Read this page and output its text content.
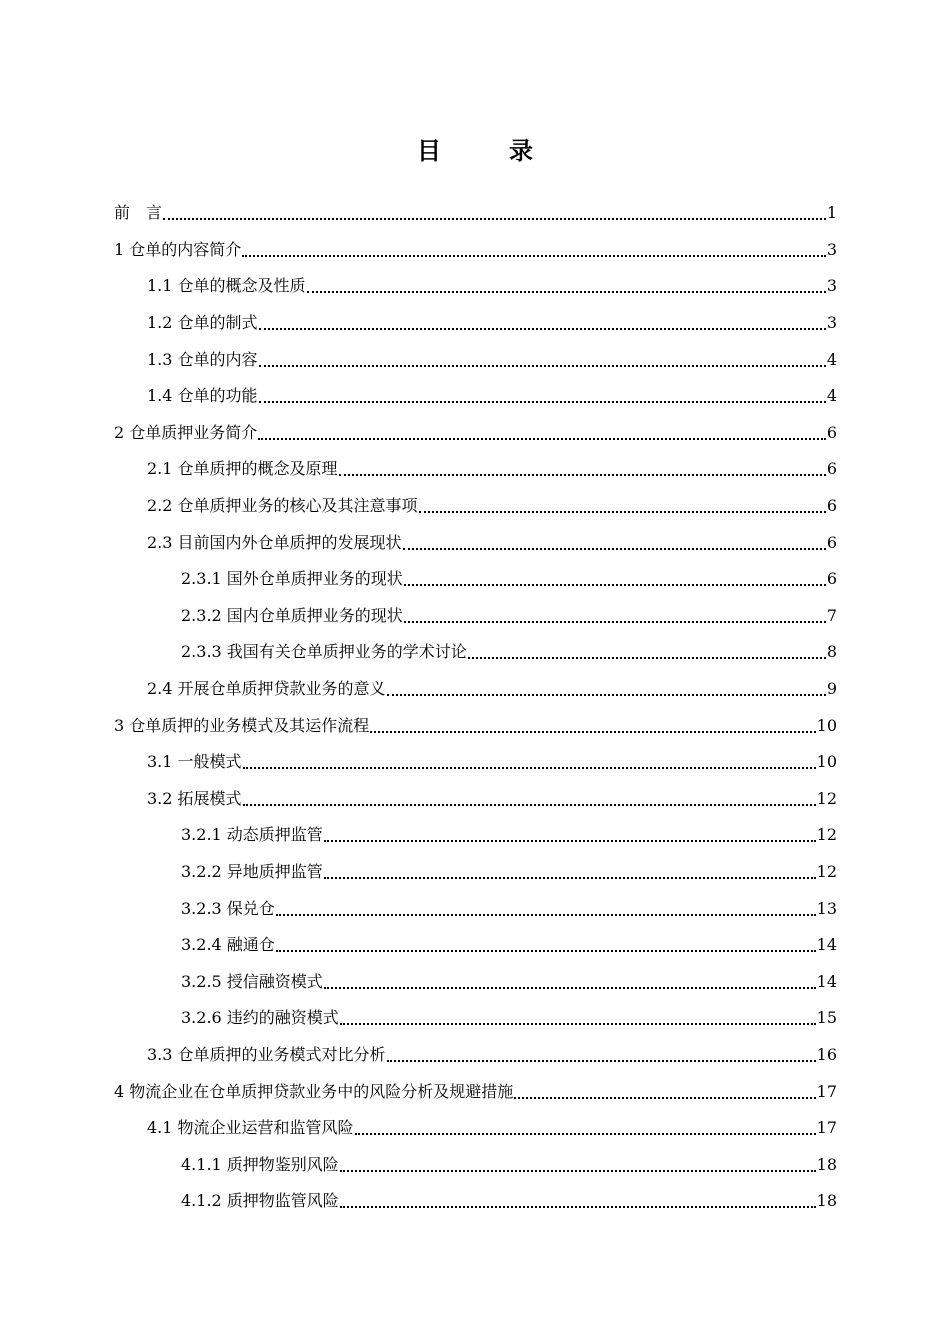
目　录
前　言	1
1 仓单的内容简介	3
1.1 仓单的概念及性质	3
1.2 仓单的制式	3
1.3 仓单的内容	4
1.4 仓单的功能	4
2 仓单质押业务简介	6
2.1 仓单质押的概念及原理	6
2.2 仓单质押业务的核心及其注意事项	6
2.3 目前国内外仓单质押的发展现状	6
2.3.1 国外仓单质押业务的现状	6
2.3.2 国内仓单质押业务的现状	7
2.3.3 我国有关仓单质押业务的学术讨论	8
2.4 开展仓单质押贷款业务的意义	9
3 仓单质押的业务模式及其运作流程	10
3.1 一般模式	10
3.2 拓展模式	12
3.2.1 动态质押监管	12
3.2.2 异地质押监管	12
3.2.3 保兑仓	13
3.2.4 融通仓	14
3.2.5 授信融资模式	14
3.2.6 违约的融资模式	15
3.3 仓单质押的业务模式对比分析	16
4 物流企业在仓单质押贷款业务中的风险分析及规避措施	17
4.1 物流企业运营和监管风险	17
4.1.1 质押物鉴别风险	18
4.1.2 质押物监管风险	18
